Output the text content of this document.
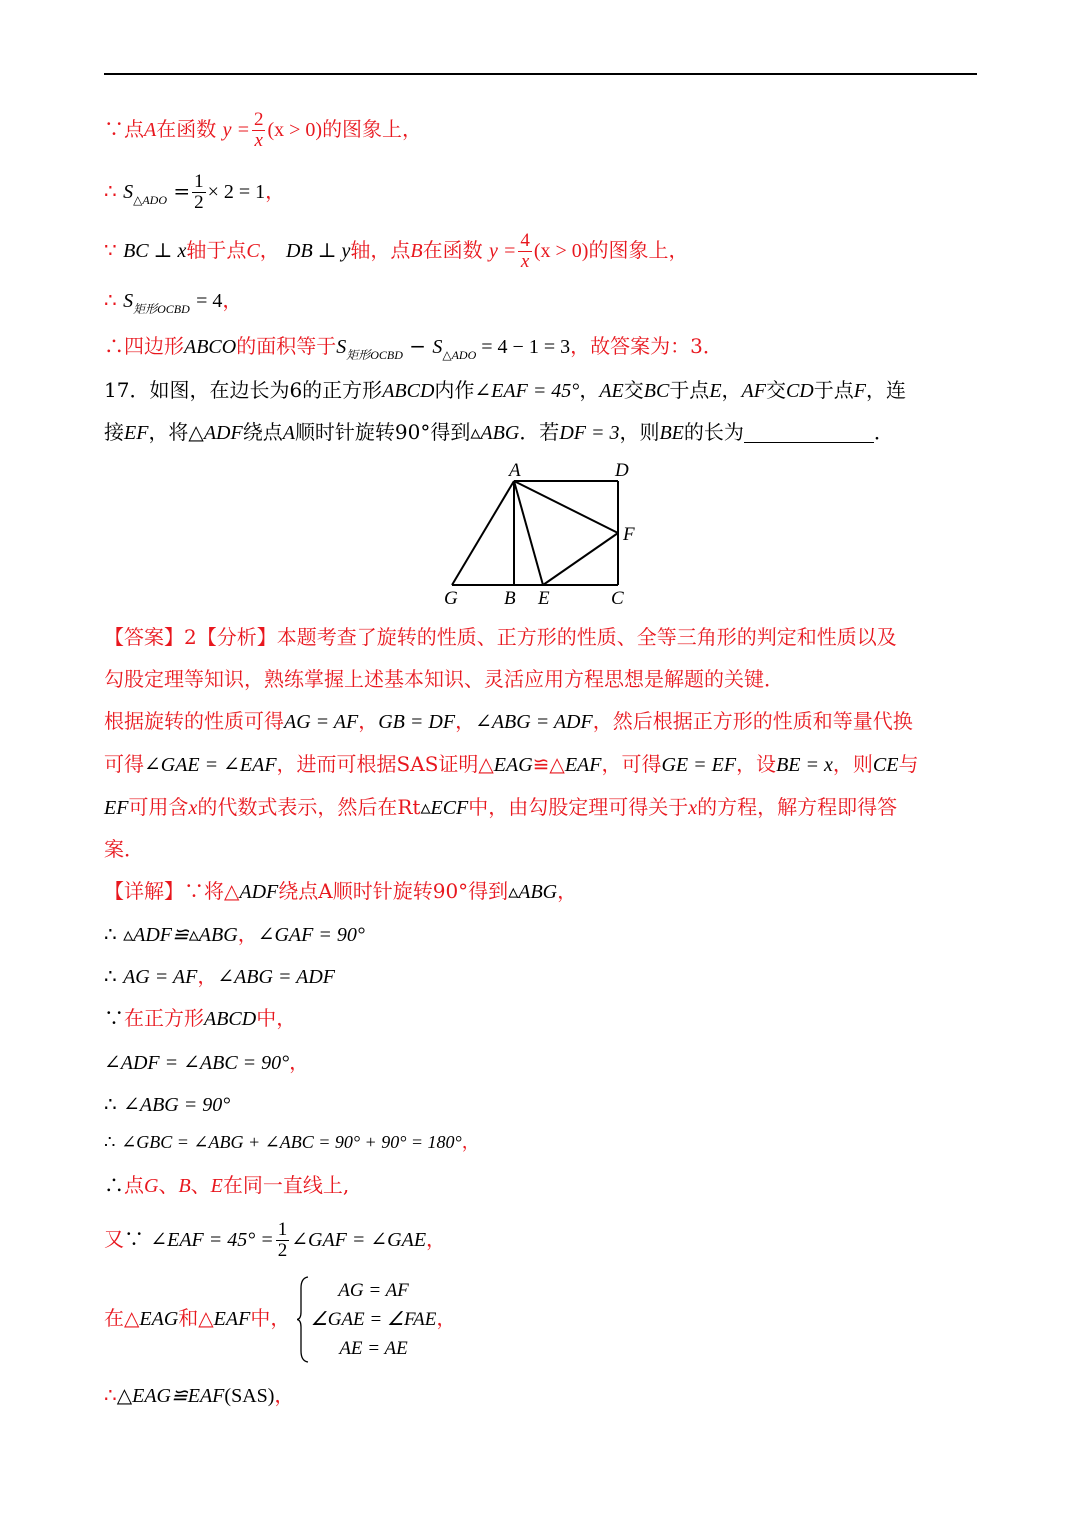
∵点A在函数 $y = \frac{2}{x} (x > 0)$的图象上，
∴ $S_{\triangle ADO} = \frac{1}{2} \times 2 = 1$，
∵ BC ⊥ x轴于点C， DB ⊥ y轴，点B在函数 $y = \frac{4}{x} (x > 0)$的图象上，
∴ $S_{矩形OCBD} = 4$，
∴四边形ABCO的面积等于$S_{矩形OCBD} - S_{\triangle ADO} = 4 - 1 = 3$，故答案为：3．
17．如图，在边长为6的正方形ABCD内作∠EAF = 45°，AE交BC于点E，AF交CD于点F，连
接EF，将△ADF绕点A顺时针旋转90°得到▵ABG．若DF = 3，则BE的长为	．
A	D
F
G B E	C
【答案】2【分析】本题考查了旋转的性质、正方形的性质、全等三角形的判定和性质以及
勾股定理等知识，熟练掌握上述基本知识、灵活应用方程思想是解题的关键．
根据旋转的性质可得AG = AF，GB = DF，∠ABG = ADF，然后根据正方形的性质和等量代换
可得∠GAE = ∠EAF，进而可根据SAS证明△EAG≌△EAF，可得GE = EF，设BE = x，则CE与
EF可用含x的代数式表示，然后在Rt▵ECF中，由勾股定理可得关于x的方程，解方程即得答
案．
【详解】∵将△ADF绕点A顺时针旋转90°得到▵ABG，
∴ ▵ADF≌▵ABG，∠GAF = 90°
∴ AG = AF，∠ABG = ADF
∵在正方形ABCD中，
∠ADF = ∠ABC = 90°，
∴ ∠ABG = 90°
∴ ∠GBC = ∠ABG + ∠ABC = 90° + 90° = 180°，
∴点G、B、E在同一直线上,
又∵ ∠EAF = $45^\circ = \frac{1}{2}$ ∠GAF = ∠GAE，
在△EAG和△EAF中，
AG = AF
∠GAE = ∠FAE
AE = AE
，
∴△EAG≌EAF(SAS)，
